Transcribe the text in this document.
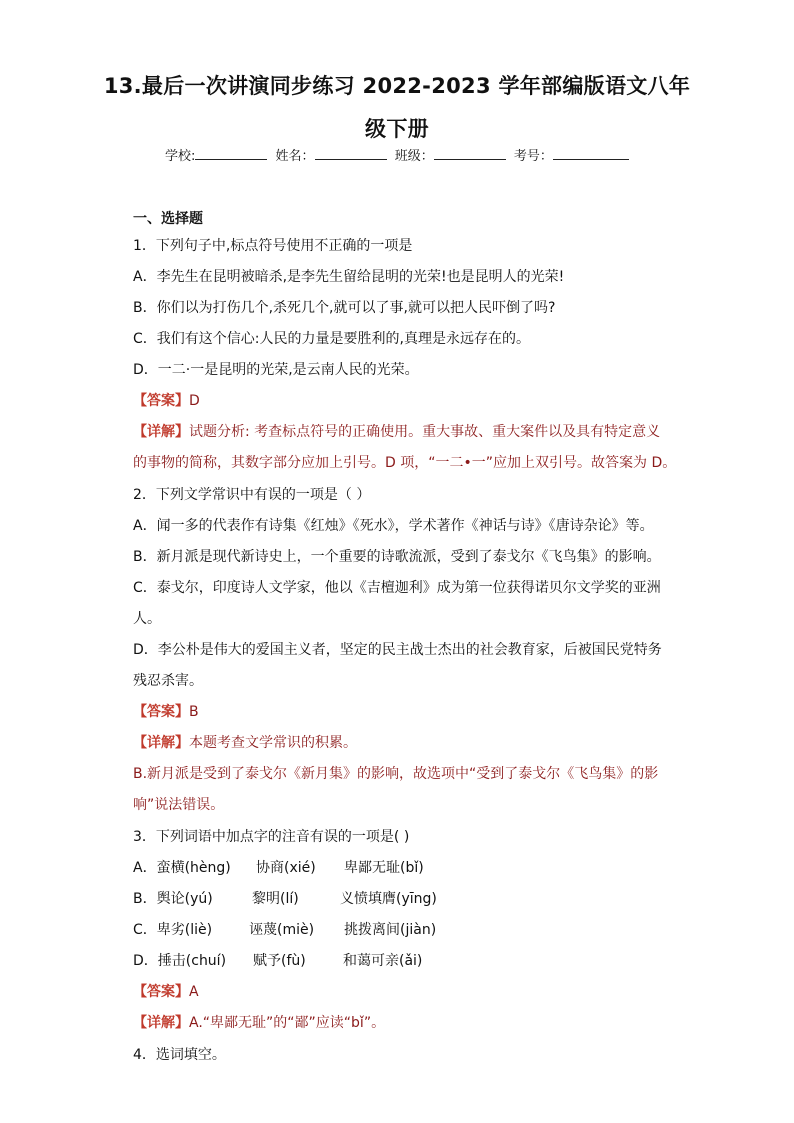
13.最后一次讲演同步练习 2022-2023 学年部编版语文八年
级下册
学校:	姓名：	班级：	考号：
一、选择题
1．下列句子中,标点符号使用不正确的一项是
A．李先生在昆明被暗杀,是李先生留给昆明的光荣!也是昆明人的光荣!
B．你们以为打伤几个,杀死几个,就可以了事,就可以把人民吓倒了吗?
C．我们有这个信心:人民的力量是要胜利的,真理是永远存在的。
D．一二·一是昆明的光荣,是云南人民的光荣。
【答案】D
【详解】试题分析: 考查标点符号的正确使用。重大事故、重大案件以及具有特定意义
的事物的简称，其数字部分应加上引号。D 项，“一二•一”应加上双引号。故答案为 D。
2．下列文学常识中有误的一项是（ ）
A．闻一多的代表作有诗集《红烛》《死水》，学术著作《神话与诗》《唐诗杂论》等。
B．新月派是现代新诗史上，一个重要的诗歌流派，受到了泰戈尔《飞鸟集》的影响。
C．泰戈尔，印度诗人文学家，他以《吉檀迦利》成为第一位获得诺贝尔文学奖的亚洲
人。
D．李公朴是伟大的爱国主义者，坚定的民主战士杰出的社会教育家，后被国民党特务
残忍杀害。
【答案】B
【详解】本题考查文学常识的积累。
B.新月派是受到了泰戈尔《新月集》的影响，故选项中“受到了泰戈尔《飞鸟集》的影
响”说法错误。
3．下列词语中加点字的注音有误的一项是( )
A．蛮横(hèng) 协商(xié) 卑鄙无耻(bǐ)
B．舆论(yú)	黎明(lí)	义愤填膺(yīng)
C．卑劣(liè)	诬蔑(miè) 挑拨离间(jiàn)
D．捶击(chuí) 赋予(fù)	和蔼可亲(ǎi)
【答案】A
【详解】A.“卑鄙无耻”的“鄙”应读“bǐ”。
4．选词填空。
